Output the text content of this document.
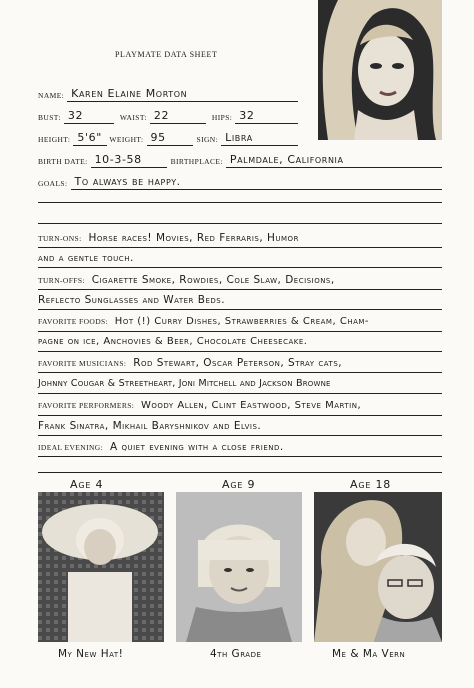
PLAYMATE DATA SHEET
NAME: Karen Elaine Morton
BUST: 32	WAIST: 22	HIPS: 32
HEIGHT: 5'6"	WEIGHT: 95	SIGN: Libra
BIRTH DATE: 10-3-58	BIRTHPLACE: Palmdale, California
GOALS: To always be happy.
TURN-ONS: Horse races! Movies, Red Ferraris, Humor
and a gentle touch.
TURN-OFFS: Cigarette Smoke, Rowdies, Cole Slaw, Decisions,
Reflecto Sunglasses and Water Beds.
FAVORITE FOODS: Hot (!) Curry Dishes, Strawberries & Cream, Cham-
pagne on ice, Anchovies & Beer, Chocolate Cheesecake.
FAVORITE MUSICIANS: Rod Stewart, Oscar Peterson, Stray cats,
Johnny Cougar & Streetheart, Joni Mitchell and Jackson Browne
FAVORITE PERFORMERS: Woody Allen, Clint Eastwood, Steve Martin,
Frank Sinatra, Mikhail Baryshnikov and Elvis.
IDEAL EVENING: A quiet evening with a close friend.
Age 4	Age 9	Age 18
My New Hat!	4th Grade	Me & Ma Vern
